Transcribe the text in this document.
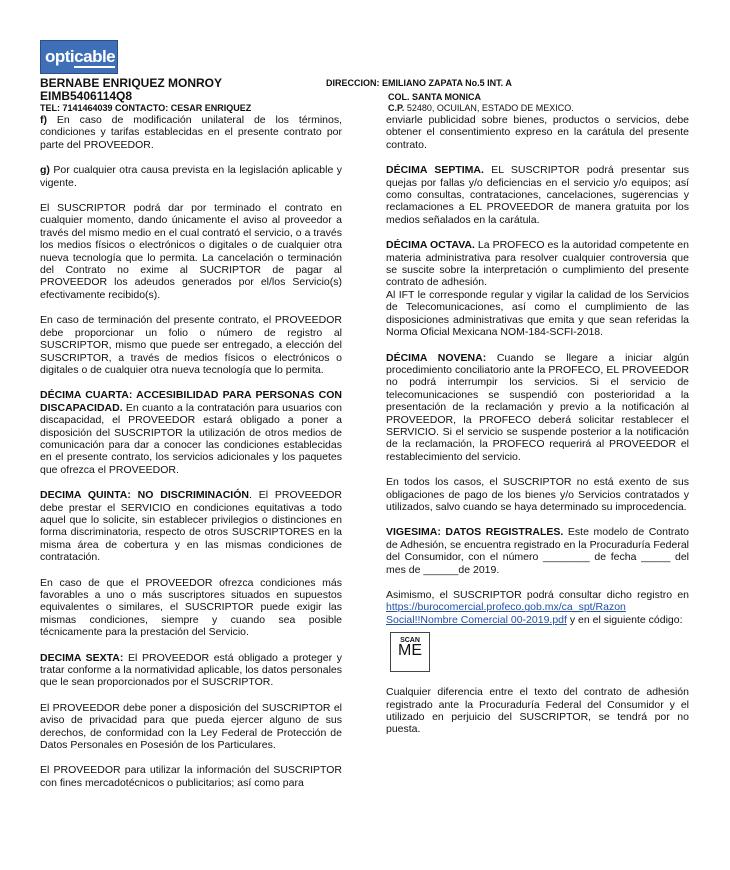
opticable
BERNABE ENRIQUEZ MONROY
EIMB5406114Q8
TEL: 7141464039 CONTACTO: CESAR ENRIQUEZ
DIRECCION: EMILIANO ZAPATA No.5 INT. A
COL. SANTA MONICA
C.P. 52480, OCUILAN, ESTADO DE MEXICO.

f) En caso de modificación unilateral de los términos, condiciones y tarifas establecidas en el presente contrato por parte del PROVEEDOR.

g) Por cualquier otra causa prevista en la legislación aplicable y vigente.

El SUSCRIPTOR podrá dar por terminado el contrato en cualquier momento, dando únicamente el aviso al proveedor a través del mismo medio en el cual contrató el servicio, o a través los medios físicos o electrónicos o digitales o de cualquier otra nueva tecnología que lo permita. La cancelación o terminación del Contrato no exime al SUCRIPTOR de pagar al PROVEEDOR los adeudos generados por el/los Servicio(s) efectivamente recibido(s).

En caso de terminación del presente contrato, el PROVEEDOR debe proporcionar un folio o número de registro al SUSCRIPTOR, mismo que puede ser entregado, a elección del SUSCRIPTOR, a través de medios físicos o electrónicos o digitales o de cualquier otra nueva tecnología que lo permita.

DÉCIMA CUARTA: ACCESIBILIDAD PARA PERSONAS CON DISCAPACIDAD. En cuanto a la contratación para usuarios con discapacidad, el PROVEEDOR estará obligado a poner a disposición del SUSCRIPTOR la utilización de otros medios de comunicación para dar a conocer las condiciones establecidas en el presente contrato, los servicios adicionales y los paquetes que ofrezca el PROVEEDOR.

DECIMA QUINTA: NO DISCRIMINACIÓN. El PROVEEDOR debe prestar el SERVICIO en condiciones equitativas a todo aquel que lo solicite, sin establecer privilegios o distinciones en forma discriminatoria, respecto de otros SUSCRIPTORES en la misma área de cobertura y en las mismas condiciones de contratación.

En caso de que el PROVEEDOR ofrezca condiciones más favorables a uno o más suscriptores situados en supuestos equivalentes o similares, el SUSCRIPTOR puede exigir las mismas condiciones, siempre y cuando sea posible técnicamente para la prestación del Servicio.

DECIMA SEXTA: El PROVEEDOR está obligado a proteger y tratar conforme a la normatividad aplicable, los datos personales que le sean proporcionados por el SUSCRIPTOR.

El PROVEEDOR debe poner a disposición del SUSCRIPTOR el aviso de privacidad para que pueda ejercer alguno de sus derechos, de conformidad con la Ley Federal de Protección de Datos Personales en Posesión de los Particulares.

El PROVEEDOR para utilizar la información del SUSCRIPTOR con fines mercadotécnicos o publicitarios; así como para

enviarle publicidad sobre bienes, productos o servicios, debe obtener el consentimiento expreso en la carátula del presente contrato.

DÉCIMA SEPTIMA. EL SUSCRIPTOR podrá presentar sus quejas por fallas y/o deficiencias en el servicio y/o equipos; así como consultas, contrataciones, cancelaciones, sugerencias y reclamaciones a EL PROVEEDOR de manera gratuita por los medios señalados en la carátula.

DÉCIMA OCTAVA. La PROFECO es la autoridad competente en materia administrativa para resolver cualquier controversia que se suscite sobre la interpretación o cumplimiento del presente contrato de adhesión.

Al IFT le corresponde regular y vigilar la calidad de los Servicios de Telecomunicaciones, así como el cumplimiento de las disposiciones administrativas que emita y que sean referidas la Norma Oficial Mexicana NOM-184-SCFI-2018.

DÉCIMA NOVENA: Cuando se llegare a iniciar algún procedimiento conciliatorio ante la PROFECO, EL PROVEEDOR no podrá interrumpir los servicios. Si el servicio de telecomunicaciones se suspendió con posterioridad a la presentación de la reclamación y previo a la notificación al PROVEEDOR, la PROFECO deberá solicitar restablecer el SERVICIO. Si el servicio se suspende posterior a la notificación de la reclamación, la PROFECO requerirá al PROVEEDOR el restablecimiento del servicio.

En todos los casos, el SUSCRIPTOR no está exento de sus obligaciones de pago de los bienes y/o Servicios contratados y utilizados, salvo cuando se haya determinado su improcedencia.

VIGESIMA: DATOS REGISTRALES. Este modelo de Contrato de Adhesión, se encuentra registrado en la Procuraduría Federal del Consumidor, con el número ________ de fecha _____ del mes de ______de 2019.

Asimismo, el SUSCRIPTOR podrá consultar dicho registro en https://burocomercial.profeco.gob.mx/ca_spt/Razon Social!!Nombre Comercial 00-2019.pdf y en el siguiente código:

SCAN
ME

Cualquier diferencia entre el texto del contrato de adhesión registrado ante la Procuraduría Federal del Consumidor y el utilizado en perjuicio del SUSCRIPTOR, se tendrá por no puesta.
